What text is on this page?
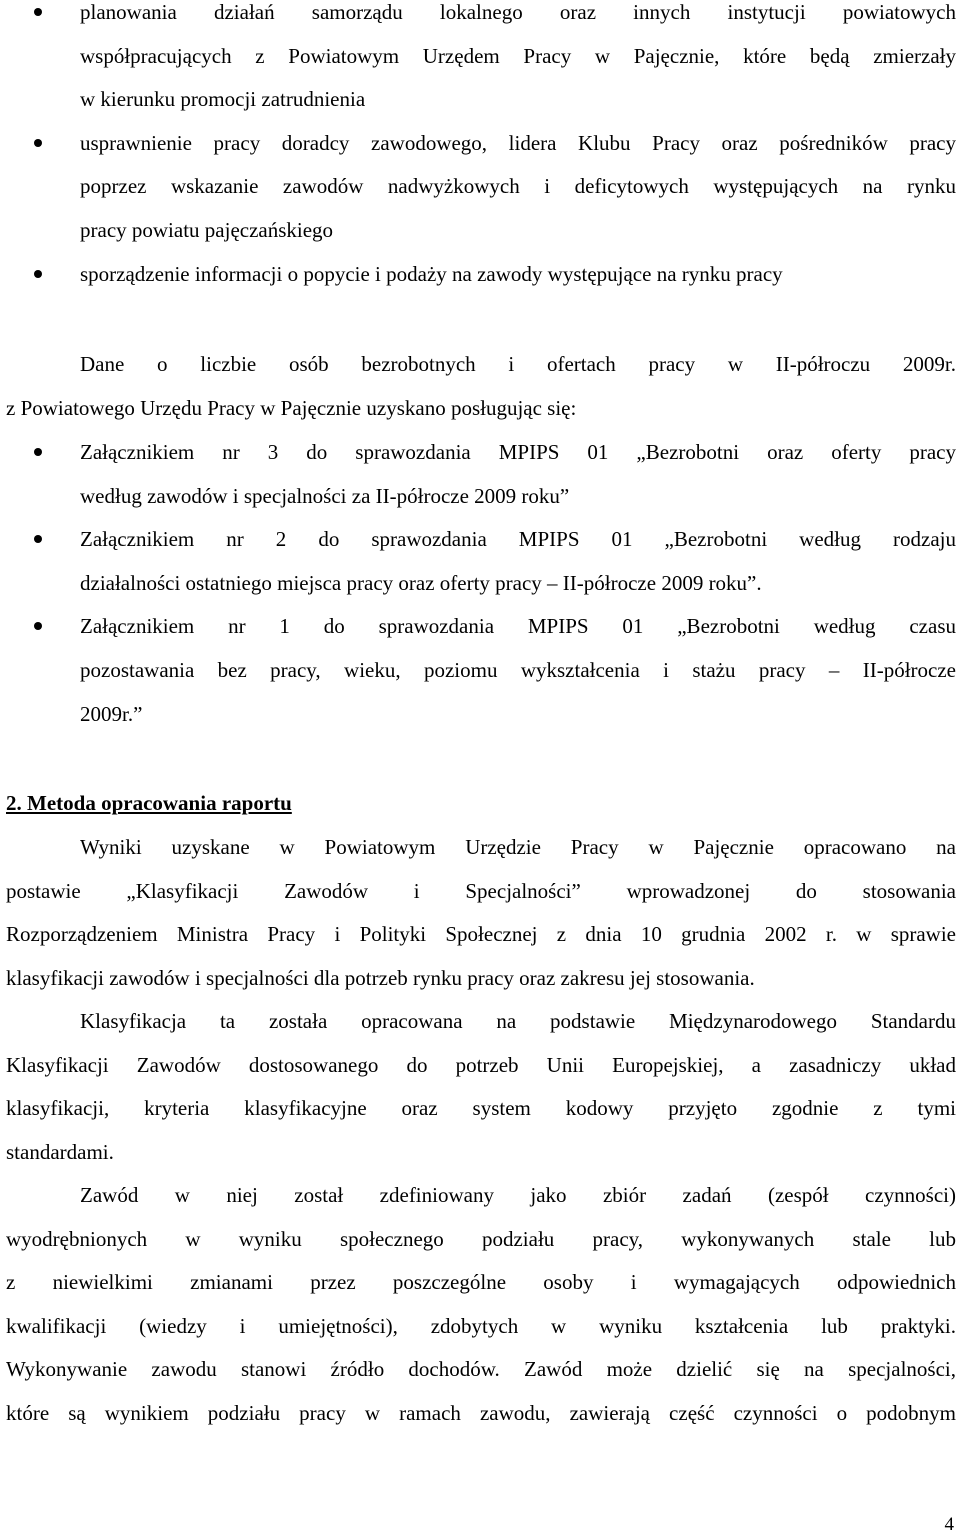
planowania działań samorządu lokalnego oraz innych instytucji powiatowych
współpracujących z Powiatowym Urzędem Pracy w Pajęcznie, które będą zmierzały
w kierunku promocji zatrudnienia
usprawnienie pracy doradcy zawodowego, lidera Klubu Pracy oraz pośredników pracy
poprzez wskazanie zawodów nadwyżkowych i deficytowych występujących na rynku
pracy powiatu pajęczańskiego
sporządzenie informacji o popycie i podaży na zawody występujące na rynku pracy
Dane o liczbie osób bezrobotnych i ofertach pracy w II-półroczu 2009r.
z Powiatowego Urzędu Pracy w Pajęcznie uzyskano posługując się:
Załącznikiem nr 3 do sprawozdania MPIPS 01 „Bezrobotni oraz oferty pracy
według zawodów i specjalności za II-półrocze 2009 roku”
Załącznikiem nr 2 do sprawozdania MPIPS 01 „Bezrobotni według rodzaju
działalności ostatniego miejsca pracy oraz oferty pracy – II-półrocze 2009 roku”.
Załącznikiem nr 1 do sprawozdania MPIPS 01 „Bezrobotni według czasu
pozostawania bez pracy, wieku, poziomu wykształcenia i stażu pracy – II-półrocze
2009r.”
2. Metoda opracowania raportu
Wyniki uzyskane w Powiatowym Urzędzie Pracy w Pajęcznie opracowano na
postawie „Klasyfikacji Zawodów i Specjalności” wprowadzonej do stosowania
Rozporządzeniem Ministra Pracy i Polityki Społecznej z dnia 10 grudnia 2002 r. w sprawie
klasyfikacji zawodów i specjalności dla potrzeb rynku pracy oraz zakresu jej stosowania.
Klasyfikacja ta została opracowana na podstawie Międzynarodowego Standardu
Klasyfikacji Zawodów dostosowanego do potrzeb Unii Europejskiej, a zasadniczy układ
klasyfikacji, kryteria klasyfikacyjne oraz system kodowy przyjęto zgodnie z tymi
standardami.
Zawód w niej został zdefiniowany jako zbiór zadań (zespół czynności)
wyodrębnionych w wyniku społecznego podziału pracy, wykonywanych stale lub
z niewielkimi zmianami przez poszczególne osoby i wymagających odpowiednich
kwalifikacji (wiedzy i umiejętności), zdobytych w wyniku kształcenia lub praktyki.
Wykonywanie zawodu stanowi źródło dochodów. Zawód może dzielić się na specjalności,
które są wynikiem podziału pracy w ramach zawodu, zawierają część czynności o podobnym
4
